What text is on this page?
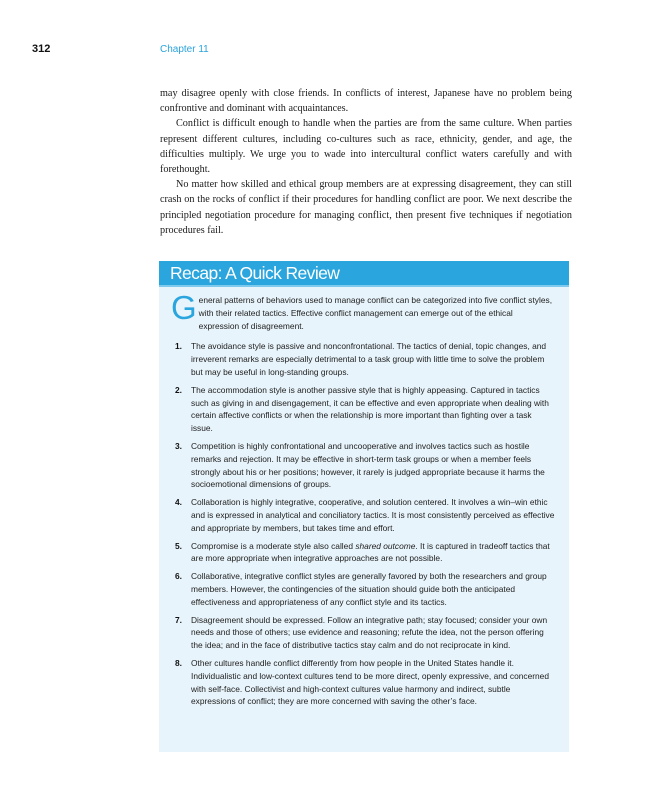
312	Chapter 11

may disagree openly with close friends. In conflicts of interest, Japanese have no problem being confrontive and dominant with acquaintances.

Conflict is difficult enough to handle when the parties are from the same culture. When parties represent different cultures, including co-cultures such as race, ethnicity, gender, and age, the difficulties multiply. We urge you to wade into intercultural conflict waters carefully and with forethought.

No matter how skilled and ethical group members are at expressing disagreement, they can still crash on the rocks of conflict if their procedures for handling conflict are poor. We next describe the principled negotiation procedure for managing conflict, then present five techniques if negotiation procedures fail.

Recap: A Quick Review

General patterns of behaviors used to manage conflict can be categorized into five conflict styles, with their related tactics. Effective conflict management can emerge out of the ethical expression of disagreement.

1. The avoidance style is passive and nonconfrontational. The tactics of denial, topic changes, and irreverent remarks are especially detrimental to a task group with little time to solve the problem but may be useful in long-standing groups.
2. The accommodation style is another passive style that is highly appeasing. Captured in tactics such as giving in and disengagement, it can be effective and even appropriate when dealing with certain affective conflicts or when the relationship is more important than fighting over a task issue.
3. Competition is highly confrontational and uncooperative and involves tactics such as hostile remarks and rejection. It may be effective in short-term task groups or when a member feels strongly about his or her positions; however, it rarely is judged appropriate because it harms the socioemotional dimensions of groups.
4. Collaboration is highly integrative, cooperative, and solution centered. It involves a win–win ethic and is expressed in analytical and conciliatory tactics. It is most consistently perceived as effective and appropriate by members, but takes time and effort.
5. Compromise is a moderate style also called shared outcome. It is captured in tradeoff tactics that are more appropriate when integrative approaches are not possible.
6. Collaborative, integrative conflict styles are generally favored by both the researchers and group members. However, the contingencies of the situation should guide both the anticipated effectiveness and appropriateness of any conflict style and its tactics.
7. Disagreement should be expressed. Follow an integrative path; stay focused; consider your own needs and those of others; use evidence and reasoning; refute the idea, not the person offering the idea; and in the face of distributive tactics stay calm and do not reciprocate in kind.
8. Other cultures handle conflict differently from how people in the United States handle it. Individualistic and low-context cultures tend to be more direct, openly expressive, and concerned with self-face. Collectivist and high-context cultures value harmony and indirect, subtle expressions of conflict; they are more concerned with saving the other’s face.
